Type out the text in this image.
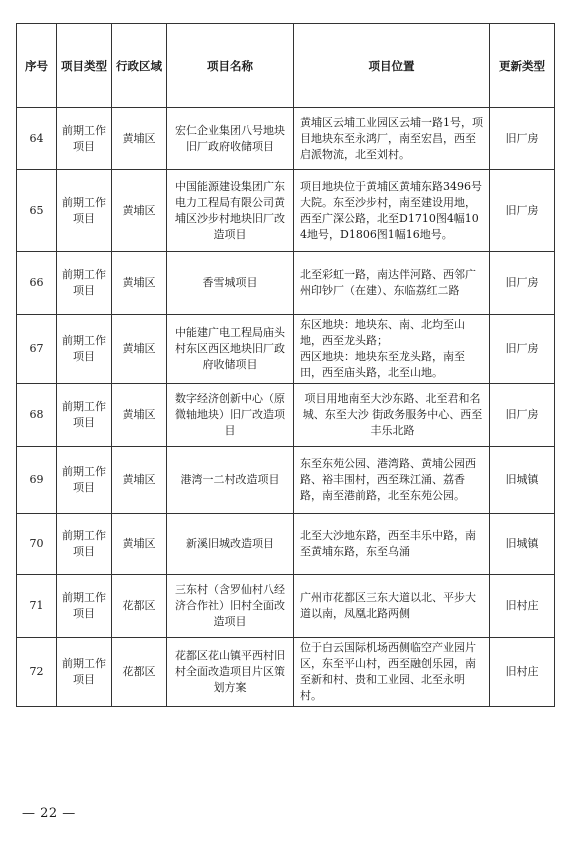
序号	项目类型	行政区域	项目名称	项目位置	更新类型
64	前期工作项目	黄埔区	宏仁企业集团八号地块旧厂政府收储项目	黄埔区云埔工业园区云埔一路1号，项目地块东至永鸿厂，南至宏昌，西至启派物流，北至刘村。	旧厂房
65	前期工作项目	黄埔区	中国能源建设集团广东电力工程局有限公司黄埔区沙步村地块旧厂改造项目	项目地块位于黄埔区黄埔东路3496号大院。东至沙步村，南至建设用地，西至广深公路，北至D1710图4幅104地号，D1806图1幅16地号。	旧厂房
66	前期工作项目	黄埔区	香雪城项目	北至彩虹一路，南达伴河路、西邻广州印钞厂（在建）、东临荔红二路	旧厂房
67	前期工作项目	黄埔区	中能建广电工程局庙头村东区西区地块旧厂政府收储项目	东区地块：地块东、南、北均至山地，西至龙头路；
西区地块：地块东至龙头路，南至田，西至庙头路，北至山地。	旧厂房
68	前期工作项目	黄埔区	数字经济创新中心（原微轴地块）旧厂改造项目	项目用地南至大沙东路、北至君和名城、东至大沙 街政务服务中心、西至丰乐北路	旧厂房
69	前期工作项目	黄埔区	港湾一二村改造项目	东至东苑公园、港湾路、黄埔公园西路、裕丰围村，西至珠江涌、荔香路，南至港前路，北至东苑公园。	旧城镇
70	前期工作项目	黄埔区	新溪旧城改造项目	北至大沙地东路，西至丰乐中路，南至黄埔东路，东至乌涌	旧城镇
71	前期工作项目	花都区	三东村（含罗仙村八经济合作社）旧村全面改造项目	广州市花都区三东大道以北、平步大道以南，凤凰北路两侧	旧村庄
72	前期工作项目	花都区	花都区花山镇平西村旧村全面改造项目片区策划方案	位于白云国际机场西侧临空产业园片区，东至平山村，西至融创乐园，南至新和村、贵和工业园、北至永明村。	旧村庄
— 22 —
